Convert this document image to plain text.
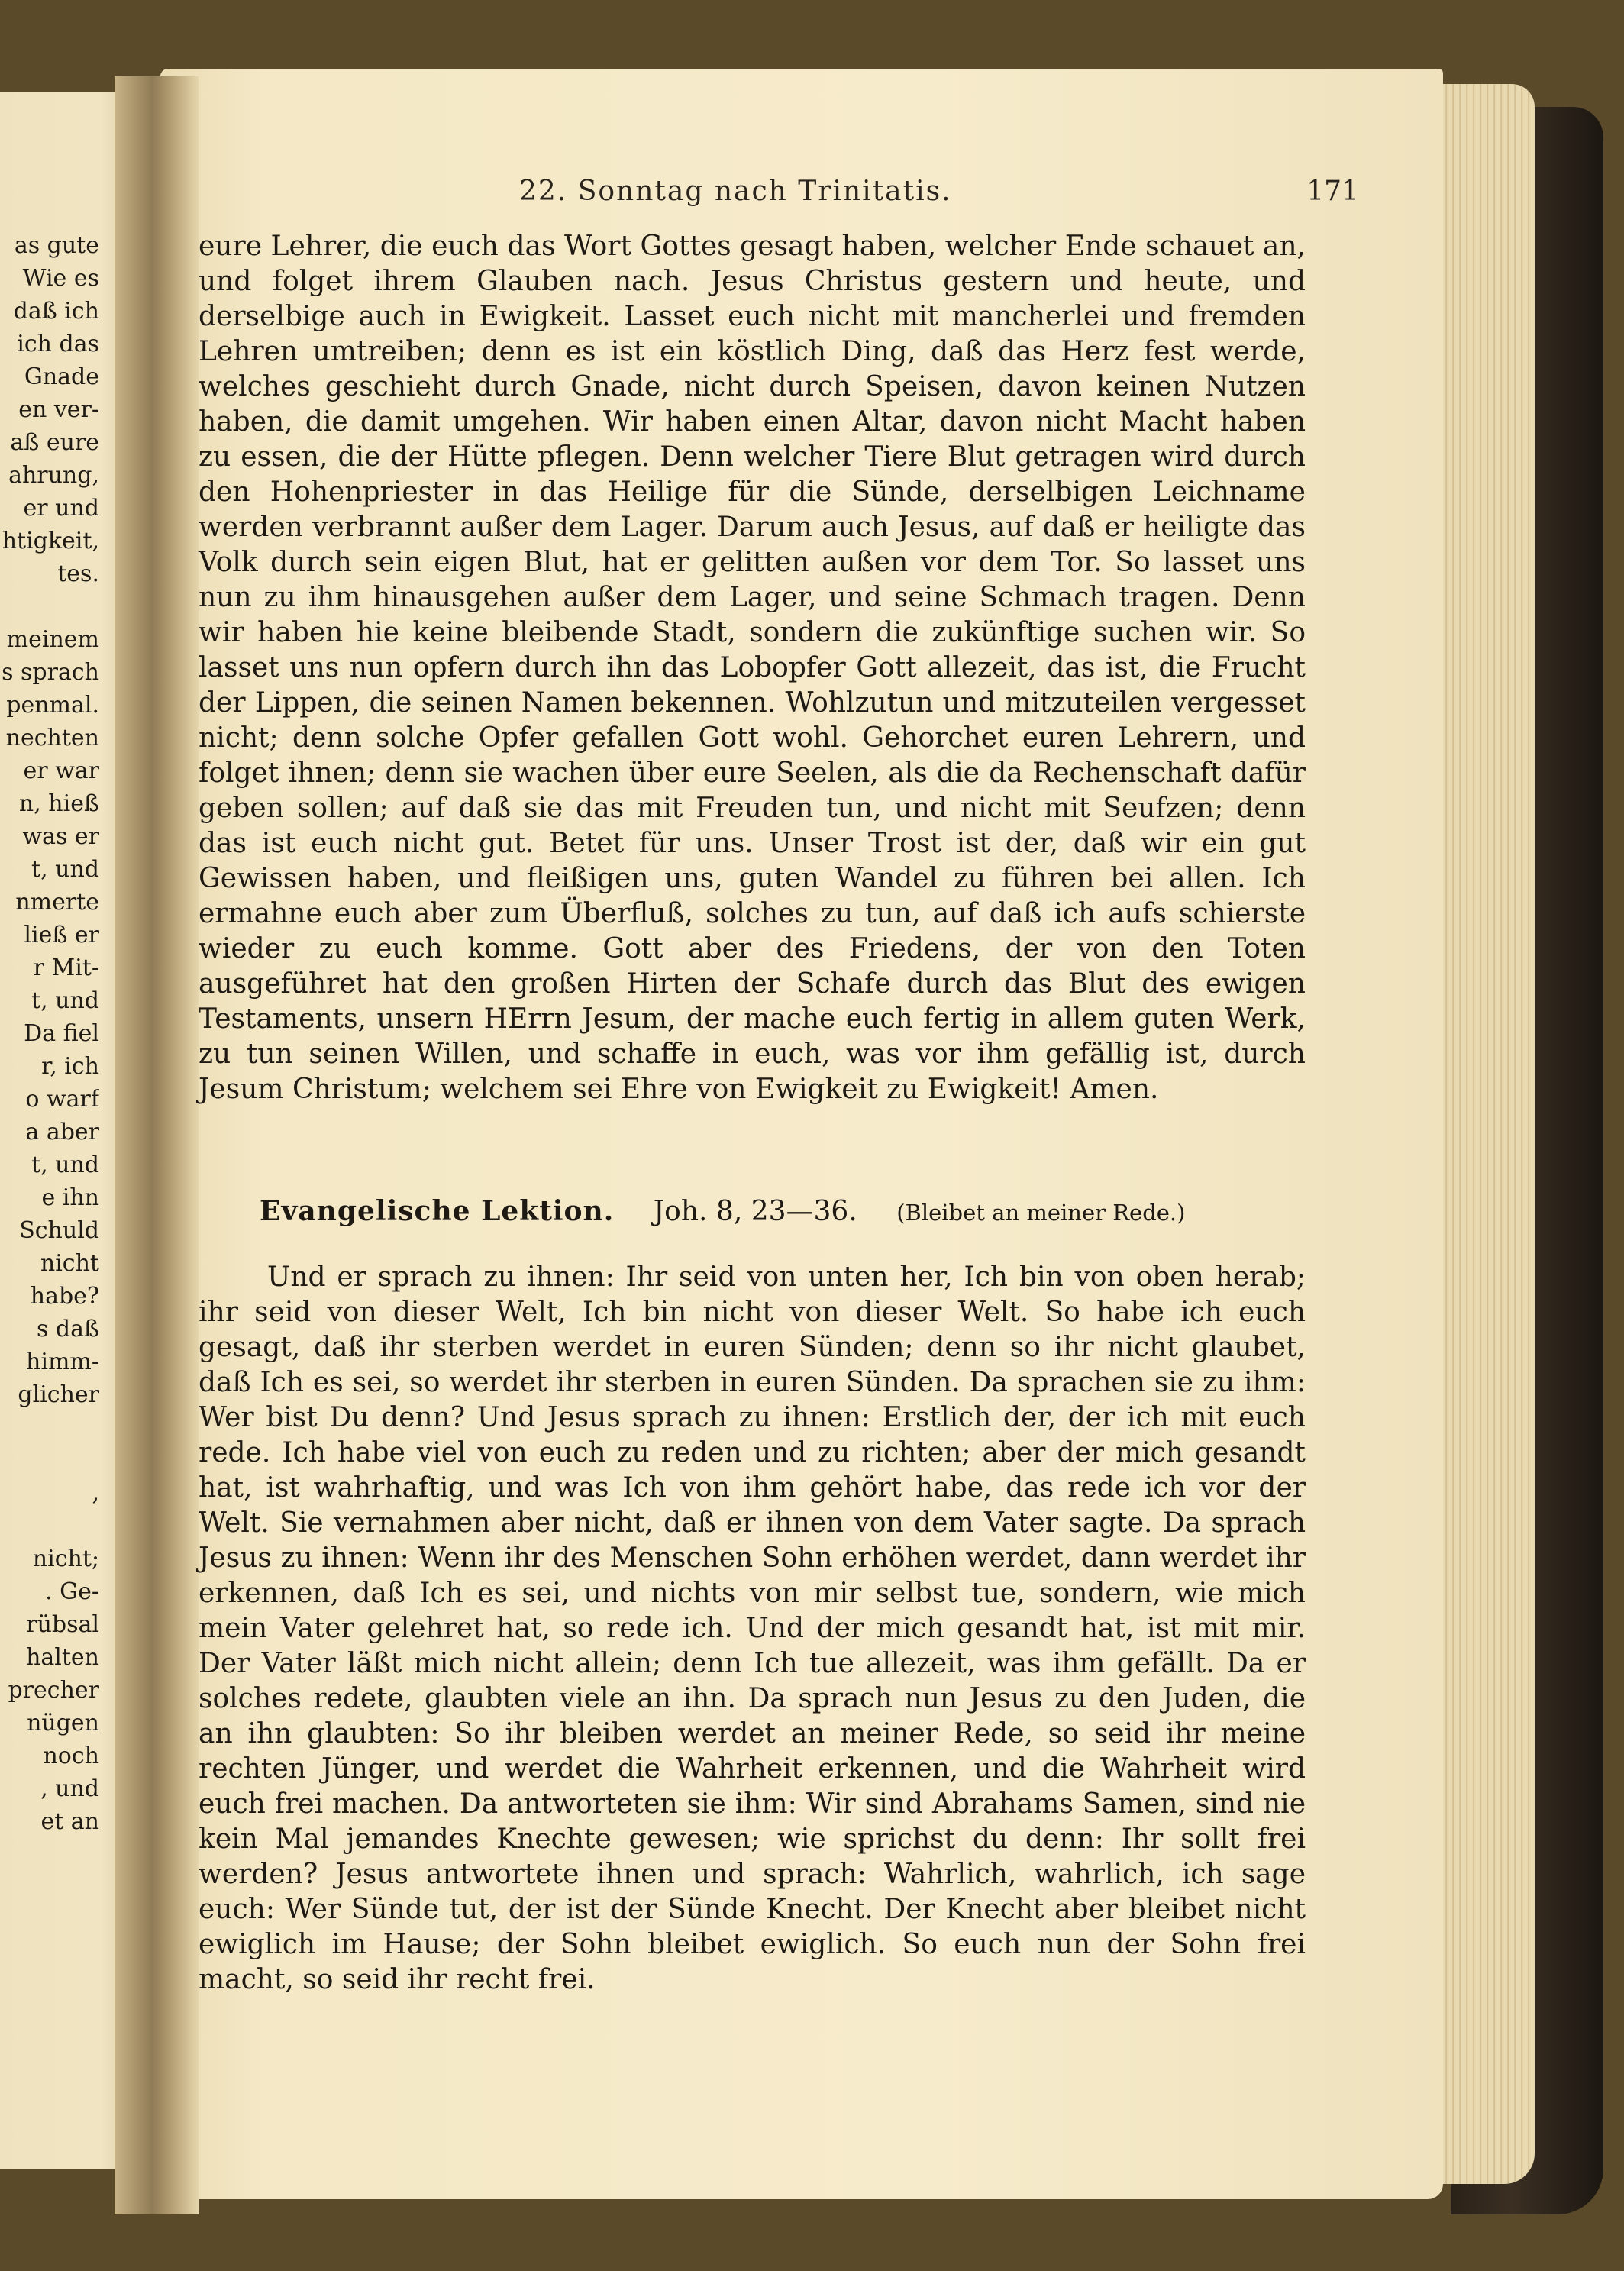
as gute
Wie es
daß ich
ich das
Gnade
en ver-
aß eure
ahrung,
er und
htigkeit,
tes.
meinem
s sprach
penmal.
nechten
er war
n, hieß
was er
t, und
nmerte
ließ er
r Mit-
t, und
Da fiel
r, ich
o warf
a aber
t, und
e ihn
Schuld
nicht
habe?
s daß
himm-
glicher
,
nicht;
. Ge-
rübsal
halten
precher
nügen
noch
, und
et an
22. Sonntag nach Trinitatis.	171

eure Lehrer, die euch das Wort Gottes gesagt haben, welcher Ende schauet an, und folget ihrem Glauben nach. Jesus Christus gestern und heute, und derselbige auch in Ewigkeit. Lasset euch nicht mit mancherlei und fremden Lehren umtreiben; denn es ist ein köstlich Ding, daß das Herz fest werde, welches geschieht durch Gnade, nicht durch Speisen, davon keinen Nutzen haben, die damit umgehen. Wir haben einen Altar, davon nicht Macht haben zu essen, die der Hütte pflegen. Denn welcher Tiere Blut getragen wird durch den Hohenpriester in das Heilige für die Sünde, derselbigen Leichname werden verbrannt außer dem Lager. Darum auch Jesus, auf daß er heiligte das Volk durch sein eigen Blut, hat er gelitten außen vor dem Tor. So lasset uns nun zu ihm hinausgehen außer dem Lager, und seine Schmach tragen. Denn wir haben hie keine bleibende Stadt, sondern die zukünftige suchen wir. So lasset uns nun opfern durch ihn das Lobopfer Gott allezeit, das ist, die Frucht der Lippen, die seinen Namen bekennen. Wohlzutun und mitzuteilen vergesset nicht; denn solche Opfer gefallen Gott wohl. Gehorchet euren Lehrern, und folget ihnen; denn sie wachen über eure Seelen, als die da Rechenschaft dafür geben sollen; auf daß sie das mit Freuden tun, und nicht mit Seufzen; denn das ist euch nicht gut. Betet für uns. Unser Trost ist der, daß wir ein gut Gewissen haben, und fleißigen uns, guten Wandel zu führen bei allen. Ich ermahne euch aber zum Überfluß, solches zu tun, auf daß ich aufs schierste wieder zu euch komme. Gott aber des Friedens, der von den Toten ausgeführet hat den großen Hirten der Schafe durch das Blut des ewigen Testaments, unsern HErrn Jesum, der mache euch fertig in allem guten Werk, zu tun seinen Willen, und schaffe in euch, was vor ihm gefällig ist, durch Jesum Christum; welchem sei Ehre von Ewigkeit zu Ewigkeit! Amen.

Evangelische Lektion. Joh. 8, 23—36. (Bleibet an meiner Rede.)

Und er sprach zu ihnen: Ihr seid von unten her, Ich bin von oben herab; ihr seid von dieser Welt, Ich bin nicht von dieser Welt. So habe ich euch gesagt, daß ihr sterben werdet in euren Sünden; denn so ihr nicht glaubet, daß Ich es sei, so werdet ihr sterben in euren Sünden. Da sprachen sie zu ihm: Wer bist Du denn? Und Jesus sprach zu ihnen: Erstlich der, der ich mit euch rede. Ich habe viel von euch zu reden und zu richten; aber der mich gesandt hat, ist wahrhaftig, und was Ich von ihm gehört habe, das rede ich vor der Welt. Sie vernahmen aber nicht, daß er ihnen von dem Vater sagte. Da sprach Jesus zu ihnen: Wenn ihr des Menschen Sohn erhöhen werdet, dann werdet ihr erkennen, daß Ich es sei, und nichts von mir selbst tue, sondern, wie mich mein Vater gelehret hat, so rede ich. Und der mich gesandt hat, ist mit mir. Der Vater läßt mich nicht allein; denn Ich tue allezeit, was ihm gefällt. Da er solches redete, glaubten viele an ihn. Da sprach nun Jesus zu den Juden, die an ihn glaubten: So ihr bleiben werdet an meiner Rede, so seid ihr meine rechten Jünger, und werdet die Wahrheit erkennen, und die Wahrheit wird euch frei machen. Da antworteten sie ihm: Wir sind Abrahams Samen, sind nie kein Mal jemandes Knechte gewesen; wie sprichst du denn: Ihr sollt frei werden? Jesus antwortete ihnen und sprach: Wahrlich, wahrlich, ich sage euch: Wer Sünde tut, der ist der Sünde Knecht. Der Knecht aber bleibet nicht ewiglich im Hause; der Sohn bleibet ewiglich. So euch nun der Sohn frei macht, so seid ihr recht frei.
